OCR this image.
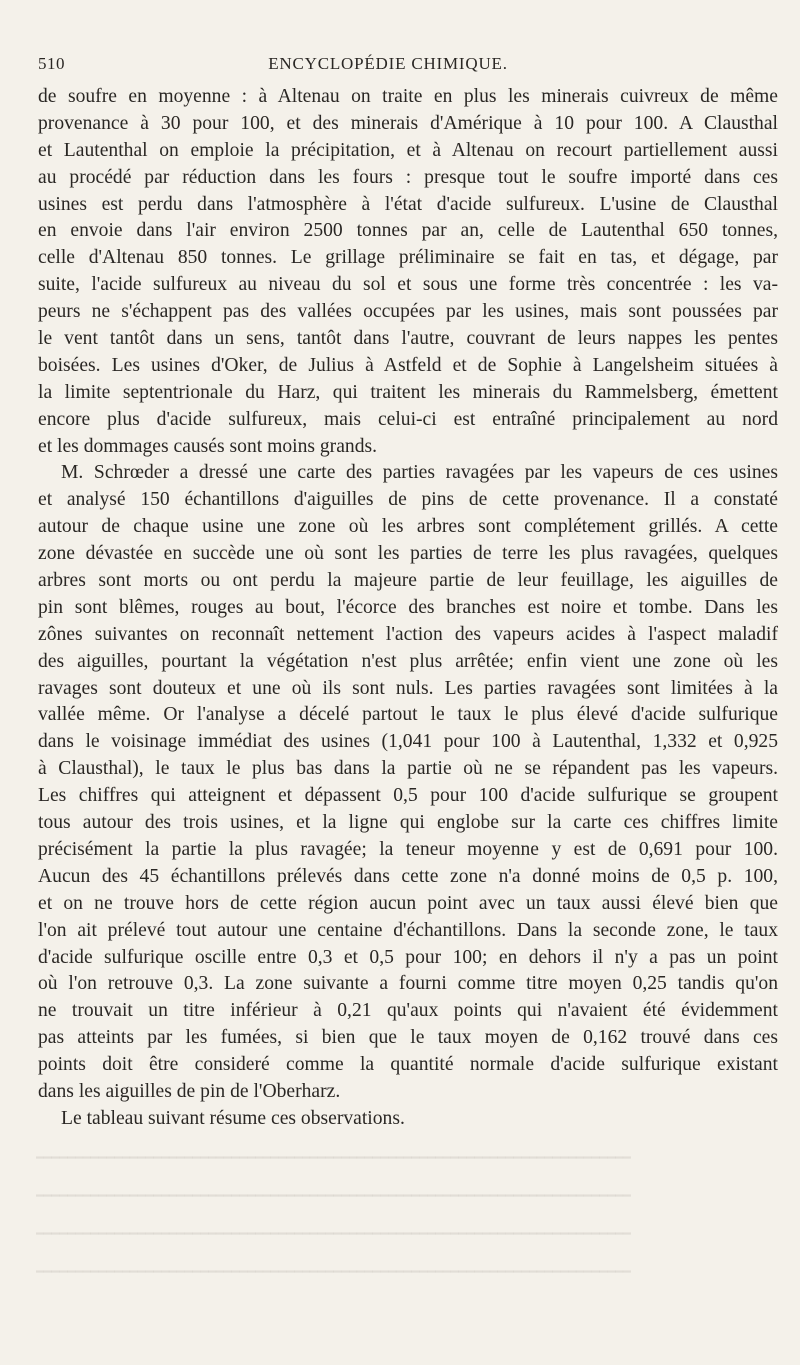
510	ENCYCLOPÉDIE CHIMIQUE.
━━━━━━━━━━━━━━━━━━━━━━━━━━━━━━━━━━━━━━━━━━━━━━━━━━━━━━━━━━━━━━━━━━━━━━━━━━━━
━━━━━━━━━━━━━━━━━━━━━━━━━━━━━━━━━━━━━━━━━━━━━━━━━━━━━━━━━━━━━━━━━━━━━━━━━━━━
━━━━━━━━━━━━━━━━━━━━━━━━━━━━━━━━━━━━━━━━━━━━━━━━━━━━━━━━━━━━━━━━━━━━━━━━━━━━
━━━━━━━━━━━━━━━━━━━━━━━━━━━━━━━━━━━━━━━━━━━━━━━━━━━━━━━━━━━━━━━━━━━━━━━━━━━━
de soufre en moyenne : à Altenau on traite en plus les minerais cuivreux de même
provenance à 30 pour 100, et des minerais d'Amérique à 10 pour 100. A Clausthal
et Lautenthal on emploie la précipitation, et à Altenau on recourt partiellement aussi
au procédé par réduction dans les fours : presque tout le soufre importé dans ces
usines est perdu dans l'atmosphère à l'état d'acide sulfureux. L'usine de Clausthal
en envoie dans l'air environ 2500 tonnes par an, celle de Lautenthal 650 tonnes,
celle d'Altenau 850 tonnes. Le grillage préliminaire se fait en tas, et dégage, par
suite, l'acide sulfureux au niveau du sol et sous une forme très concentrée : les va-
peurs ne s'échappent pas des vallées occupées par les usines, mais sont poussées par
le vent tantôt dans un sens, tantôt dans l'autre, couvrant de leurs nappes les pentes
boisées. Les usines d'Oker, de Julius à Astfeld et de Sophie à Langelsheim situées à
la limite septentrionale du Harz, qui traitent les minerais du Rammelsberg, émettent
encore plus d'acide sulfureux, mais celui-ci est entraîné principalement au nord
et les dommages causés sont moins grands.
M. Schrœder a dressé une carte des parties ravagées par les vapeurs de ces usines
et analysé 150 échantillons d'aiguilles de pins de cette provenance. Il a constaté
autour de chaque usine une zone où les arbres sont complétement grillés. A cette
zone dévastée en succède une où sont les parties de terre les plus ravagées, quelques
arbres sont morts ou ont perdu la majeure partie de leur feuillage, les aiguilles de
pin sont blêmes, rouges au bout, l'écorce des branches est noire et tombe. Dans les
zônes suivantes on reconnaît nettement l'action des vapeurs acides à l'aspect maladif
des aiguilles, pourtant la végétation n'est plus arrêtée; enfin vient une zone où les
ravages sont douteux et une où ils sont nuls. Les parties ravagées sont limitées à la
vallée même. Or l'analyse a décelé partout le taux le plus élevé d'acide sulfurique
dans le voisinage immédiat des usines (1,041 pour 100 à Lautenthal, 1,332 et 0,925
à Clausthal), le taux le plus bas dans la partie où ne se répandent pas les vapeurs.
Les chiffres qui atteignent et dépassent 0,5 pour 100 d'acide sulfurique se groupent
tous autour des trois usines, et la ligne qui englobe sur la carte ces chiffres limite
précisément la partie la plus ravagée; la teneur moyenne y est de 0,691 pour 100.
Aucun des 45 échantillons prélevés dans cette zone n'a donné moins de 0,5 p. 100,
et on ne trouve hors de cette région aucun point avec un taux aussi élevé bien que
l'on ait prélevé tout autour une centaine d'échantillons. Dans la seconde zone, le taux
d'acide sulfurique oscille entre 0,3 et 0,5 pour 100; en dehors il n'y a pas un point
où l'on retrouve 0,3. La zone suivante a fourni comme titre moyen 0,25 tandis qu'on
ne trouvait un titre inférieur à 0,21 qu'aux points qui n'avaient été évidemment
pas atteints par les fumées, si bien que le taux moyen de 0,162 trouvé dans ces
points doit être consideré comme la quantité normale d'acide sulfurique existant
dans les aiguilles de pin de l'Oberharz.
Le tableau suivant résume ces observations.
